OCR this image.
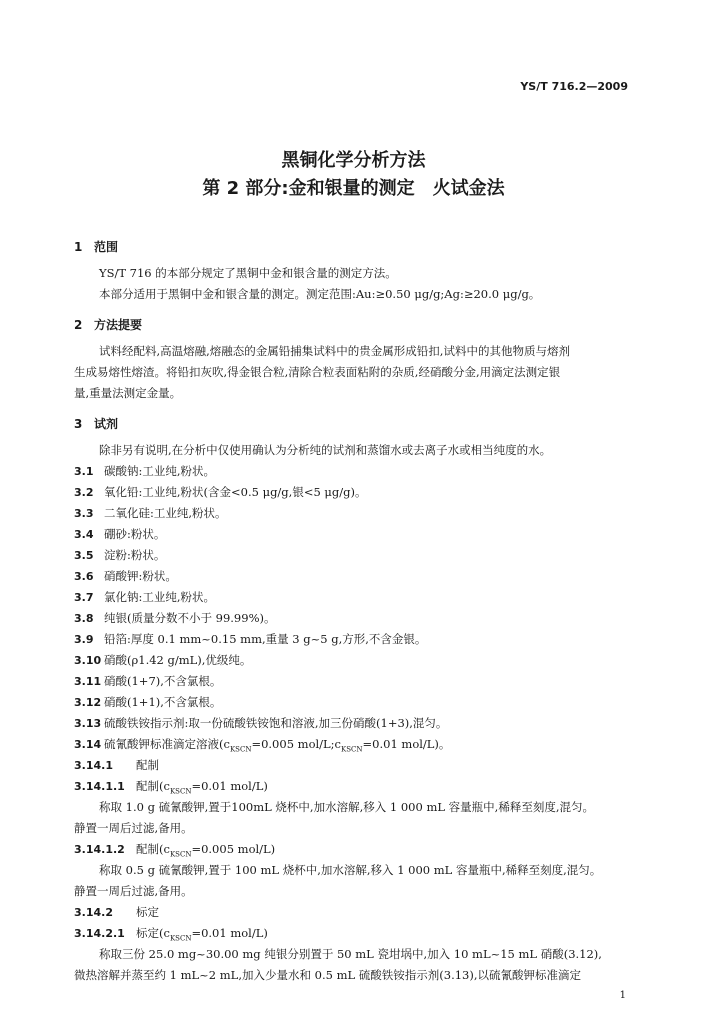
YS/T 716.2—2009
黑铜化学分析方法
第 2 部分:金和银量的测定　火试金法
1 范围
YS/T 716 的本部分规定了黑铜中金和银含量的测定方法。
本部分适用于黑铜中金和银含量的测定。测定范围:Au:≥0.50 μg/g;Ag:≥20.0 μg/g。
2 方法提要
试料经配料,高温熔融,熔融态的金属铅捕集试料中的贵金属形成铅扣,试料中的其他物质与熔剂
生成易熔性熔渣。将铅扣灰吹,得金银合粒,清除合粒表面粘附的杂质,经硝酸分金,用滴定法测定银
量,重量法测定金量。
3 试剂
除非另有说明,在分析中仅使用确认为分析纯的试剂和蒸馏水或去离子水或相当纯度的水。
3.1 碳酸钠:工业纯,粉状。
3.2 氧化铅:工业纯,粉状(含金<0.5 μg/g,银<5 μg/g)。
3.3 二氧化硅:工业纯,粉状。
3.4 硼砂:粉状。
3.5 淀粉:粉状。
3.6 硝酸钾:粉状。
3.7 氯化钠:工业纯,粉状。
3.8 纯银(质量分数不小于 99.99%)。
3.9 铅箔:厚度 0.1 mm~0.15 mm,重量 3 g~5 g,方形,不含金银。
3.10 硝酸(ρ1.42 g/mL),优级纯。
3.11 硝酸(1+7),不含氯根。
3.12 硝酸(1+1),不含氯根。
3.13 硫酸铁铵指示剂:取一份硫酸铁铵饱和溶液,加三份硝酸(1+3),混匀。
3.14 硫氰酸钾标准滴定溶液($c_{KSCN}=0.005$ mol/$L;c_{KSCN}=0.01$ mol/L)。
3.14.1 配制
3.14.1.1 配制($c_{KSCN}=0.01$ mol/L)
称取 1.0 g 硫氰酸钾,置于100mL 烧杯中,加水溶解,移入 1 000 mL 容量瓶中,稀释至刻度,混匀。
静置一周后过滤,备用。
3.14.1.2 配制($c_{KSCN}=0.005$ mol/L)
称取 0.5 g 硫氰酸钾,置于 100 mL 烧杯中,加水溶解,移入 1 000 mL 容量瓶中,稀释至刻度,混匀。
静置一周后过滤,备用。
3.14.2 标定
3.14.2.1 标定($c_{KSCN}=0.01$ mol/L)
称取三份 25.0 mg~30.00 mg 纯银分别置于 50 mL 瓷坩埚中,加入 10 mL~15 mL 硝酸(3.12),
微热溶解并蒸至约 1 mL~2 mL,加入少量水和 0.5 mL 硫酸铁铵指示剂(3.13),以硫氰酸钾标准滴定
1
